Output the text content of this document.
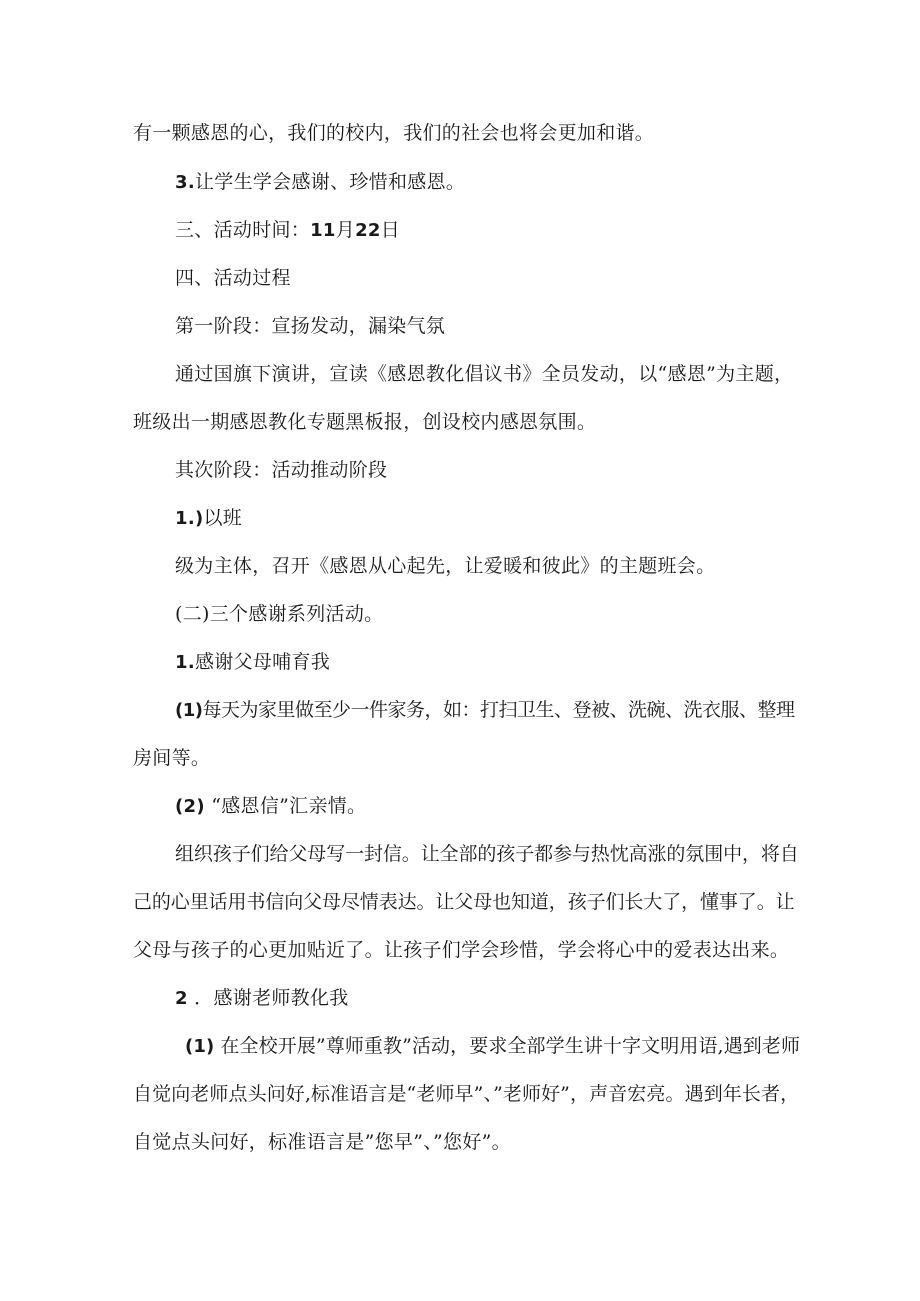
有一颗感恩的心，我们的校内，我们的社会也将会更加和谐。
3.让学生学会感谢、珍惜和感恩。
三、活动时间：11月22日
四、活动过程
第一阶段：宣扬发动，漏染气氛
通过国旗下演讲，宣读《感恩教化倡议书》全员发动，以“感恩”为主题，
班级出一期感恩教化专题黑板报，创设校内感恩氛围。
其次阶段：活动推动阶段
1.)以班
级为主体，召开《感恩从心起先，让爱暖和彼此》的主题班会。
(二)三个感谢系列活动。
1.感谢父母哺育我
(1)每天为家里做至少一件家务，如：打扫卫生、登被、洗碗、洗衣服、整理
房间等。
(2) “感恩信”汇亲情。
组织孩子们给父母写一封信。让全部的孩子都参与热忱高涨的氛围中，将自
己的心里话用书信向父母尽情表达。让父母也知道，孩子们长大了，懂事了。让
父母与孩子的心更加贴近了。让孩子们学会珍惜，学会将心中的爱表达出来。
2 ．感谢老师教化我
(1) 在全校开展”尊师重教”活动，要求全部学生讲十字文明用语,遇到老师
自觉向老师点头问好,标准语言是“老师早”、”老师好”，声音宏亮。遇到年长者，
自觉点头问好，标准语言是”您早”、”您好”。
